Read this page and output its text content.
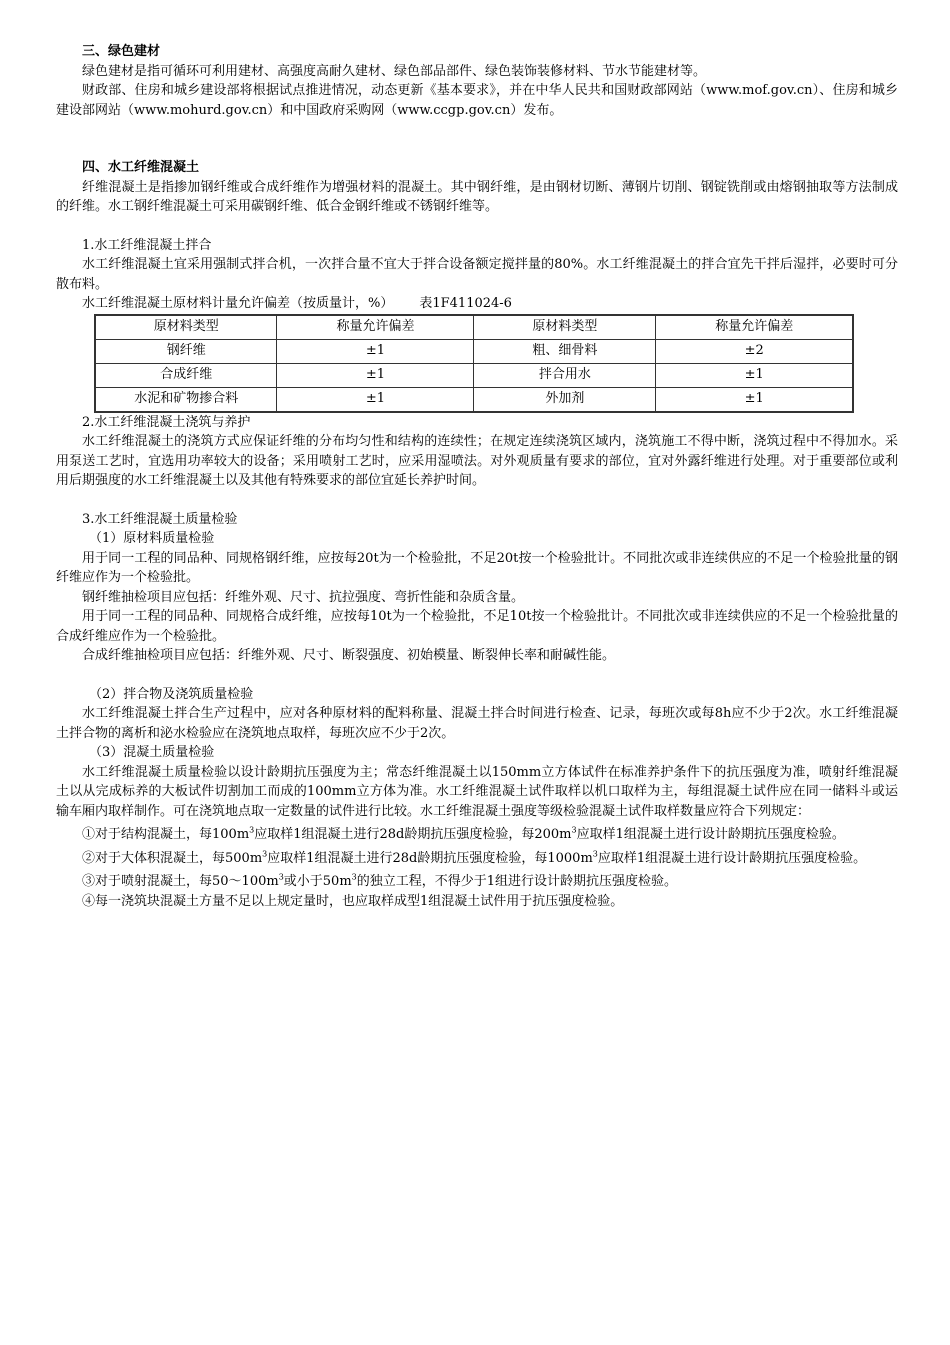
三、绿色建材

绿色建材是指可循环可利用建材、高强度高耐久建材、绿色部品部件、绿色装饰装修材料、节水节能建材等。

财政部、住房和城乡建设部将根据试点推进情况，动态更新《基本要求》，并在中华人民共和国财政部网站（www.mof.gov.cn）、住房和城乡建设部网站（www.mohurd.gov.cn）和中国政府采购网（www.ccgp.gov.cn）发布。

四、水工纤维混凝土

纤维混凝土是指掺加钢纤维或合成纤维作为增强材料的混凝土。其中钢纤维，是由钢材切断、薄钢片切削、钢锭铣削或由熔钢抽取等方法制成的纤维。水工钢纤维混凝土可采用碳钢纤维、低合金钢纤维或不锈钢纤维等。

1.水工纤维混凝土拌合

水工纤维混凝土宜采用强制式拌合机，一次拌合量不宜大于拌合设备额定搅拌量的80%。水工纤维混凝土的拌合宜先干拌后湿拌，必要时可分散布料。

水工纤维混凝土原材料计量允许偏差（按质量计，%） 表1F411024-6

原材料类型	称量允许偏差	原材料类型	称量允许偏差
钢纤维	±1	粗、细骨料	±2
合成纤维	±1	拌合用水	±1
水泥和矿物掺合料	±1	外加剂	±1

2.水工纤维混凝土浇筑与养护

水工纤维混凝土的浇筑方式应保证纤维的分布均匀性和结构的连续性；在规定连续浇筑区域内，浇筑施工不得中断，浇筑过程中不得加水。采用泵送工艺时，宜选用功率较大的设备；采用喷射工艺时，应采用湿喷法。对外观质量有要求的部位，宜对外露纤维进行处理。对于重要部位或利用后期强度的水工纤维混凝土以及其他有特殊要求的部位宜延长养护时间。

3.水工纤维混凝土质量检验

（1）原材料质量检验

用于同一工程的同品种、同规格钢纤维，应按每20t为一个检验批，不足20t按一个检验批计。不同批次或非连续供应的不足一个检验批量的钢纤维应作为一个检验批。

钢纤维抽检项目应包括：纤维外观、尺寸、抗拉强度、弯折性能和杂质含量。

用于同一工程的同品种、同规格合成纤维，应按每10t为一个检验批，不足10t按一个检验批计。不同批次或非连续供应的不足一个检验批量的合成纤维应作为一个检验批。

合成纤维抽检项目应包括：纤维外观、尺寸、断裂强度、初始模量、断裂伸长率和耐碱性能。

（2）拌合物及浇筑质量检验

水工纤维混凝土拌合生产过程中，应对各种原材料的配料称量、混凝土拌合时间进行检查、记录，每班次或每8h应不少于2次。水工纤维混凝土拌合物的离析和泌水检验应在浇筑地点取样，每班次应不少于2次。

（3）混凝土质量检验

水工纤维混凝土质量检验以设计龄期抗压强度为主；常态纤维混凝土以150mm立方体试件在标准养护条件下的抗压强度为准，喷射纤维混凝土以从完成标养的大板试件切割加工而成的100mm立方体为准。水工纤维混凝土试件取样以机口取样为主，每组混凝土试件应在同一储料斗或运输车厢内取样制作。可在浇筑地点取一定数量的试件进行比较。水工纤维混凝土强度等级检验混凝土试件取样数量应符合下列规定：

①对于结构混凝土，每$100m^3$应取样1组混凝土进行28d龄期抗压强度检验，每$200m^3$应取样1组混凝土进行设计龄期抗压强度检验。

②对于大体积混凝土，每$500m^3$应取样1组混凝土进行28d龄期抗压强度检验，每$1000m^3$应取样1组混凝土进行设计龄期抗压强度检验。

③对于喷射混凝土，每$50\sim 100m^3$或小于$50m^3$的独立工程，不得少于1组进行设计龄期抗压强度检验。

④每一浇筑块混凝土方量不足以上规定量时，也应取样成型1组混凝土试件用于抗压强度检验。
